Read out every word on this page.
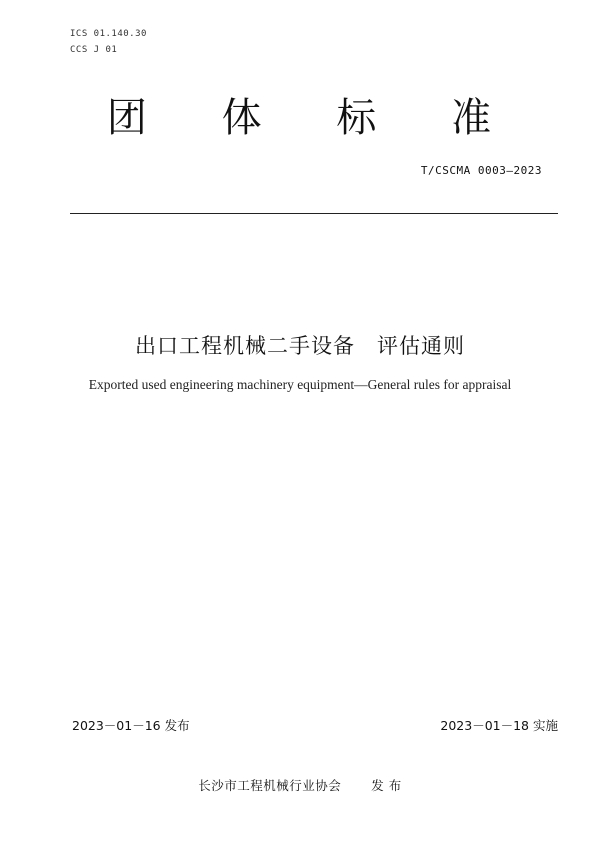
ICS 01.140.30
CCS J 01
团 体 标 准
T/CSCMA 0003—2023
出口工程机械二手设备　评估通则
Exported used engineering machinery equipment—General rules for appraisal
2023－01－16 发布	2023－01－18 实施
长沙市工程机械行业协会 发 布
